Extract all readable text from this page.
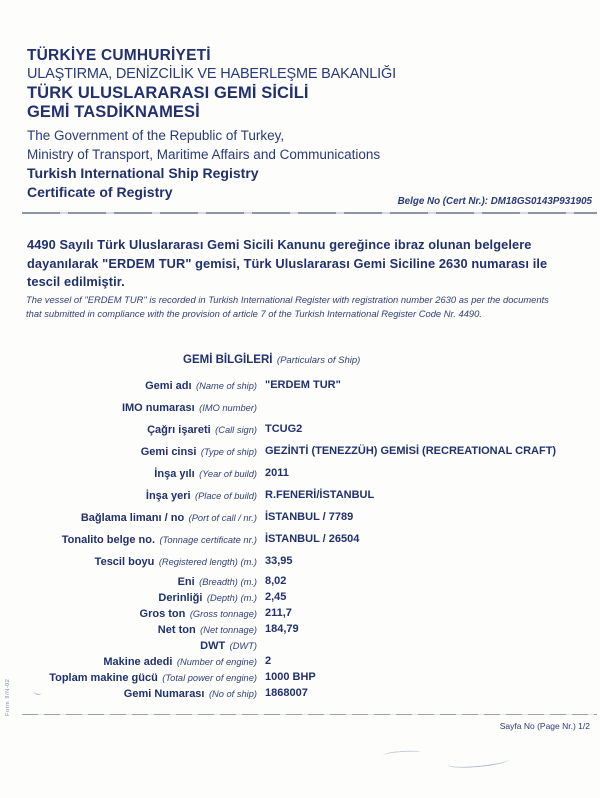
TÜRKİYE CUMHURİYETİ
ULAŞTIRMA, DENİZCİLİK VE HABERLEŞME BAKANLIĞI
TÜRK ULUSLARARASI GEMİ SİCİLİ
GEMİ TASDİKNAMESİ
The Government of the Republic of Turkey,
Ministry of Transport, Maritime Affairs and Communications
Turkish International Ship Registry
Certificate of Registry
Belge No (Cert Nr.): DM18GS0143P931905
4490 Sayılı Türk Uluslararası Gemi Sicili Kanunu gereğince ibraz olunan belgelere dayanılarak "ERDEM TUR" gemisi, Türk Uluslararası Gemi Siciline 2630 numarası ile tescil edilmiştir.
The vessel of "ERDEM TUR" is recorded in Turkish International Register with registration number 2630 as per the documents that submitted in compliance with the provision of article 7 of the Turkish International Register Code Nr. 4490.
GEMİ BİLGİLERİ (Particulars of Ship)
Gemi adı (Name of ship) "ERDEM TUR"
IMO numarası (IMO number)
Çağrı işareti (Call sign) TCUG2
Gemi cinsi (Type of ship) GEZİNTİ (TENEZZÜH) GEMİSİ (RECREATIONAL CRAFT)
İnşa yılı (Year of build) 2011
İnşa yeri (Place of build) R.FENERİ/İSTANBUL
Bağlama limanı / no (Port of call / nr.) İSTANBUL / 7789
Tonalito belge no. (Tonnage certificate nr.) İSTANBUL / 26504
Tescil boyu (Registered length) (m.) 33,95
Eni (Breadth) (m.) 8,02
Derinliği (Depth) (m.) 2,45
Gros ton (Gross tonnage) 211,7
Net ton (Net tonnage) 184,79
DWT (DWT)
Makine adedi (Number of engine) 2
Toplam makine gücü (Total power of engine) 1000 BHP
Gemi Numarası (No of ship) 1868007
Form 9/N-02
Sayfa No (Page Nr.) 1/2
